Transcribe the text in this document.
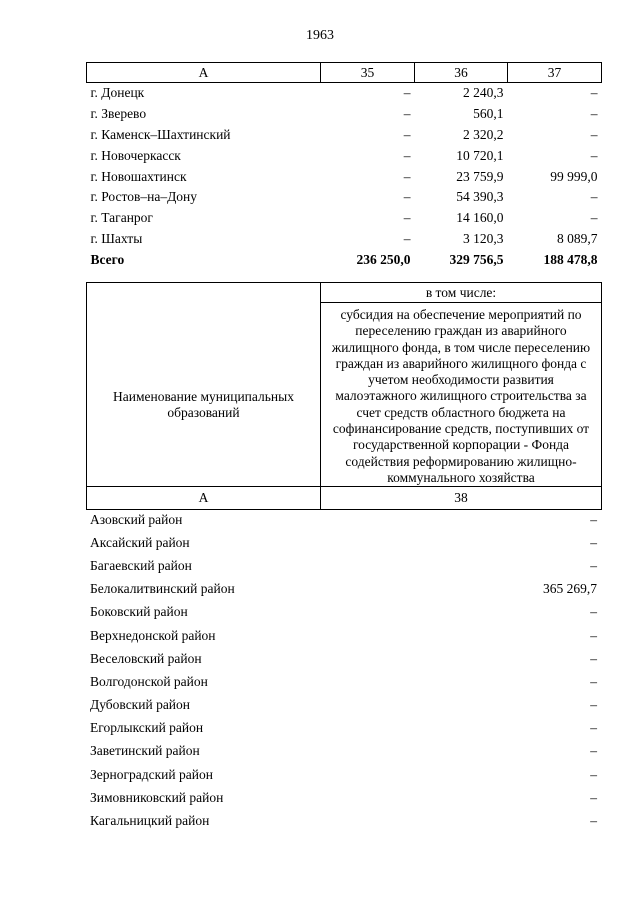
1963
А	35	36	37
г. Донецк	–	2 240,3	–
г. Зверево	–	560,1	–
г. Каменск–Шахтинский	–	2 320,2	–
г. Новочеркасск	–	10 720,1	–
г. Новошахтинск	–	23 759,9	99 999,0
г. Ростов–на–Дону	–	54 390,3	–
г. Таганрог	–	14 160,0	–
г. Шахты	–	3 120,3	8 089,7
Всего	236 250,0	329 756,5	188 478,8
Наименование муниципальных образований	в том числе:
	субсидия на обеспечение мероприятий по переселению граждан из аварийного жилищного фонда, в том числе переселению граждан из аварийного жилищного фонда с учетом необходимости развития малоэтажного жилищного строительства за счет средств областного бюджета на софинансирование средств, поступивших от государственной корпорации - Фонда содействия реформированию жилищно-коммунального хозяйства
А	38
Азовский район	–
Аксайский район	–
Багаевский район	–
Белокалитвинский район	365 269,7
Боковский район	–
Верхнедонской район	–
Веселовский район	–
Волгодонской район	–
Дубовский район	–
Егорлыкский район	–
Заветинский район	–
Зерноградский район	–
Зимовниковский район	–
Кагальницкий район	–
